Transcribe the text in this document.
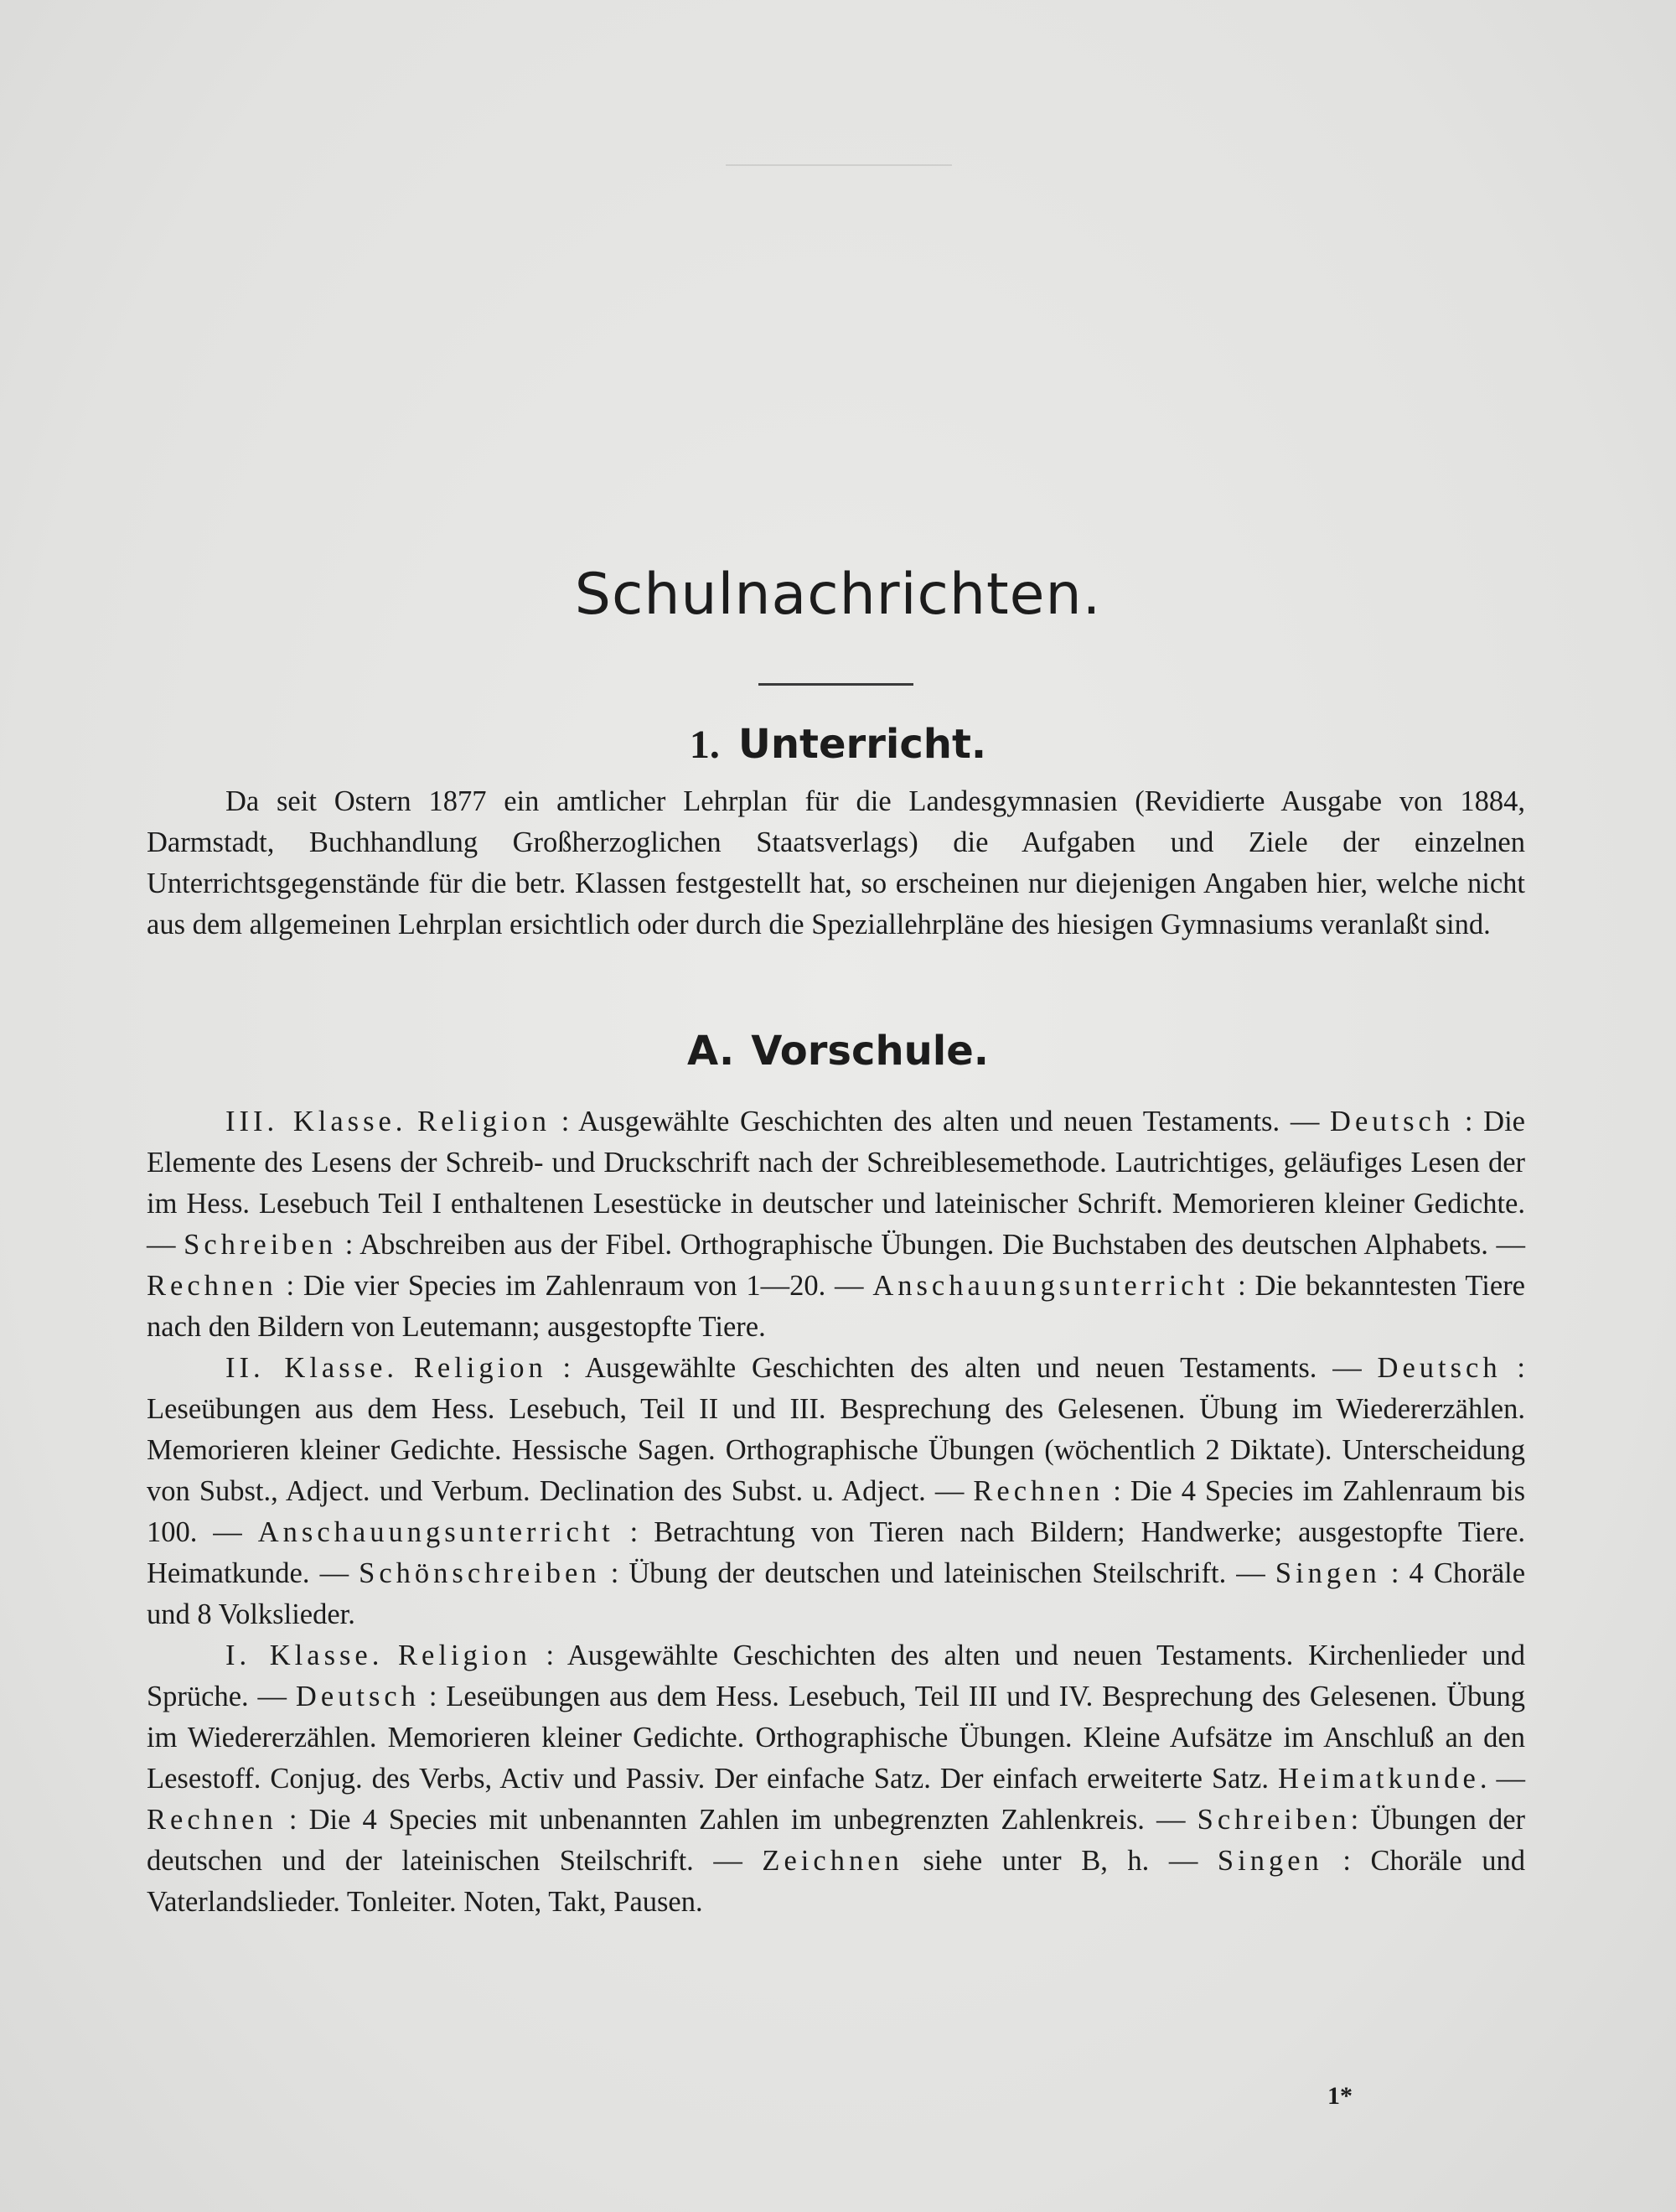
Schulnachrichten.
1. Unterricht.

Da seit Ostern 1877 ein amtlicher Lehrplan für die Landesgymnasien (Revidierte Ausgabe von 1884, Darmstadt, Buchhandlung Großherzoglichen Staatsverlags) die Aufgaben und Ziele der einzelnen Unterrichtsgegenstände für die betr. Klassen festgestellt hat, so erscheinen nur diejenigen Angaben hier, welche nicht aus dem allgemeinen Lehrplan ersichtlich oder durch die Speziallehrpläne des hiesigen Gymnasiums veranlaßt sind.

A. Vorschule.

III. Klasse. Religion : Ausgewählte Geschichten des alten und neuen Testaments. — Deutsch : Die Elemente des Lesens der Schreib- und Druckschrift nach der Schreiblesemethode. Lautrichtiges, geläufiges Lesen der im Hess. Lesebuch Teil I enthaltenen Lesestücke in deutscher und lateinischer Schrift. Memorieren kleiner Gedichte. — Schreiben : Abschreiben aus der Fibel. Orthographische Übungen. Die Buchstaben des deutschen Alphabets. — Rechnen : Die vier Species im Zahlenraum von 1—20. — Anschauungsunterricht : Die bekanntesten Tiere nach den Bildern von Leutemann; ausgestopfte Tiere.

II. Klasse. Religion : Ausgewählte Geschichten des alten und neuen Testaments. — Deutsch : Leseübungen aus dem Hess. Lesebuch, Teil II und III. Besprechung des Gelesenen. Übung im Wiedererzählen. Memorieren kleiner Gedichte. Hessische Sagen. Orthographische Übungen (wöchentlich 2 Diktate). Unterscheidung von Subst., Adject. und Verbum. Declination des Subst. u. Adject. — Rechnen : Die 4 Species im Zahlenraum bis 100. — Anschauungsunterricht : Betrachtung von Tieren nach Bildern; Handwerke; ausgestopfte Tiere. Heimatkunde. — Schönschreiben : Übung der deutschen und lateinischen Steilschrift. — Singen : 4 Choräle und 8 Volkslieder.

I. Klasse. Religion : Ausgewählte Geschichten des alten und neuen Testaments. Kirchenlieder und Sprüche. — Deutsch : Leseübungen aus dem Hess. Lesebuch, Teil III und IV. Besprechung des Gelesenen. Übung im Wiedererzählen. Memorieren kleiner Gedichte. Orthographische Übungen. Kleine Aufsätze im Anschluß an den Lesestoff. Conjug. des Verbs, Activ und Passiv. Der einfache Satz. Der einfach erweiterte Satz. Heimatkunde. — Rechnen : Die 4 Species mit unbenannten Zahlen im unbegrenzten Zahlenkreis. — Schreiben: Übungen der deutschen und der lateinischen Steilschrift. — Zeichnen siehe unter B, h. — Singen : Choräle und Vaterlandslieder. Tonleiter. Noten, Takt, Pausen.

1*
